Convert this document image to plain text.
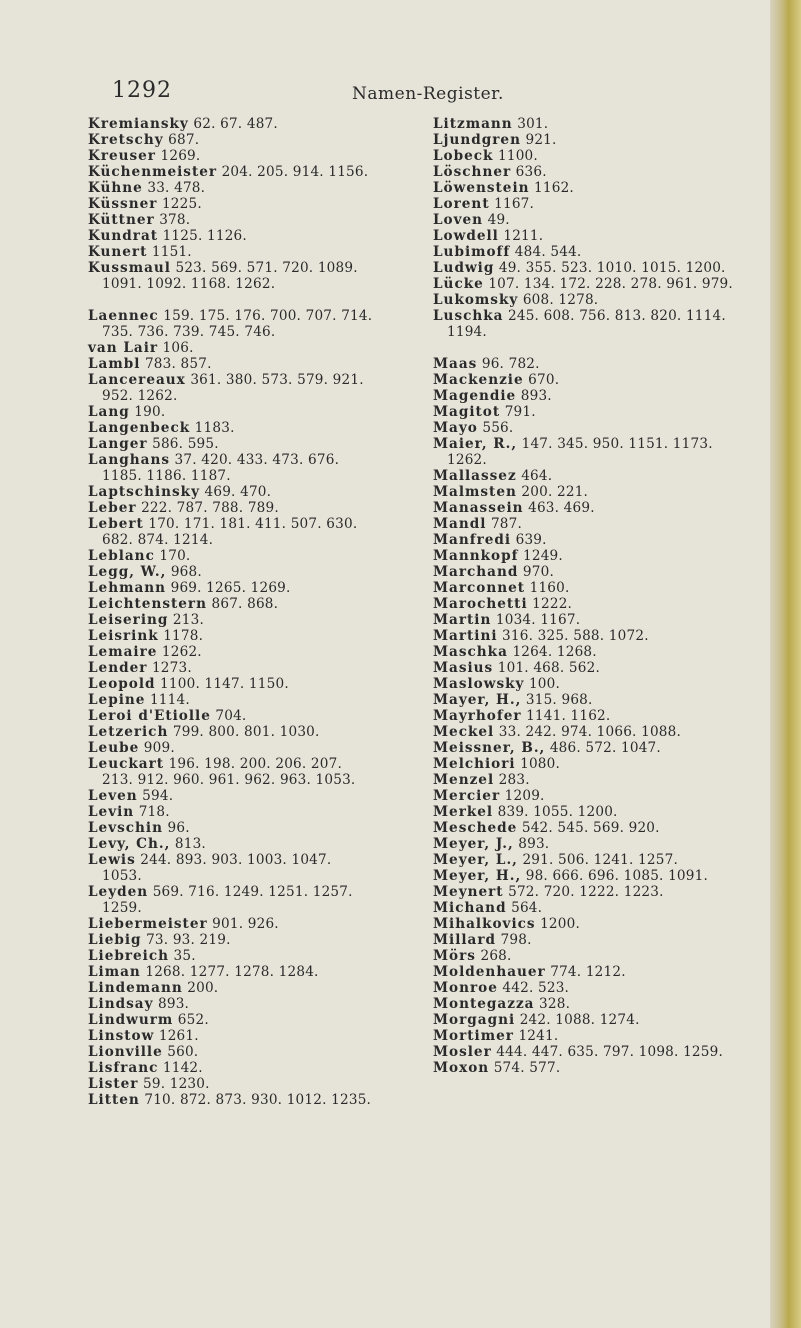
1292	Namen-Register.
Kremiansky 62. 67. 487.
Kretschy 687.
Kreuser 1269.
Küchenmeister 204. 205. 914. 1156.
Kühne 33. 478.
Küssner 1225.
Küttner 378.
Kundrat 1125. 1126.
Kunert 1151.
Kussmaul 523. 569. 571. 720. 1089. 1091. 1092. 1168. 1262.
Laennec 159. 175. 176. 700. 707. 714. 735. 736. 739. 745. 746.
van Lair 106.
Lambl 783. 857.
Lancereaux 361. 380. 573. 579. 921. 952. 1262.
Lang 190.
Langenbeck 1183.
Langer 586. 595.
Langhans 37. 420. 433. 473. 676. 1185. 1186. 1187.
Laptschinsky 469. 470.
Leber 222. 787. 788. 789.
Lebert 170. 171. 181. 411. 507. 630. 682. 874. 1214.
Leblanc 170.
Legg, W., 968.
Lehmann 969. 1265. 1269.
Leichtenstern 867. 868.
Leisering 213.
Leisrink 1178.
Lemaire 1262.
Lender 1273.
Leopold 1100. 1147. 1150.
Lepine 1114.
Leroi d'Etiolle 704.
Letzerich 799. 800. 801. 1030.
Leube 909.
Leuckart 196. 198. 200. 206. 207. 213. 912. 960. 961. 962. 963. 1053.
Leven 594.
Levin 718.
Levschin 96.
Levy, Ch., 813.
Lewis 244. 893. 903. 1003. 1047. 1053.
Leyden 569. 716. 1249. 1251. 1257. 1259.
Liebermeister 901. 926.
Liebig 73. 93. 219.
Liebreich 35.
Liman 1268. 1277. 1278. 1284.
Lindemann 200.
Lindsay 893.
Lindwurm 652.
Linstow 1261.
Lionville 560.
Lisfranc 1142.
Lister 59. 1230.
Litten 710. 872. 873. 930. 1012. 1235.
Litzmann 301.
Ljundgren 921.
Lobeck 1100.
Löschner 636.
Löwenstein 1162.
Lorent 1167.
Loven 49.
Lowdell 1211.
Lubimoff 484. 544.
Ludwig 49. 355. 523. 1010. 1015. 1200.
Lücke 107. 134. 172. 228. 278. 961. 979.
Lukomsky 608. 1278.
Luschka 245. 608. 756. 813. 820. 1114. 1194.
Maas 96. 782.
Mackenzie 670.
Magendie 893.
Magitot 791.
Mayo 556.
Maier, R., 147. 345. 950. 1151. 1173. 1262.
Mallassez 464.
Malmsten 200. 221.
Manassein 463. 469.
Mandl 787.
Manfredi 639.
Mannkopf 1249.
Marchand 970.
Marconnet 1160.
Marochetti 1222.
Martin 1034. 1167.
Martini 316. 325. 588. 1072.
Maschka 1264. 1268.
Masius 101. 468. 562.
Maslowsky 100.
Mayer, H., 315. 968.
Mayrhofer 1141. 1162.
Meckel 33. 242. 974. 1066. 1088.
Meissner, B., 486. 572. 1047.
Melchiori 1080.
Menzel 283.
Mercier 1209.
Merkel 839. 1055. 1200.
Meschede 542. 545. 569. 920.
Meyer, J., 893.
Meyer, L., 291. 506. 1241. 1257.
Meyer, H., 98. 666. 696. 1085. 1091.
Meynert 572. 720. 1222. 1223.
Michand 564.
Mihalkovics 1200.
Millard 798.
Mörs 268.
Moldenhauer 774. 1212.
Monroe 442. 523.
Montegazza 328.
Morgagni 242. 1088. 1274.
Mortimer 1241.
Mosler 444. 447. 635. 797. 1098. 1259.
Moxon 574. 577.
